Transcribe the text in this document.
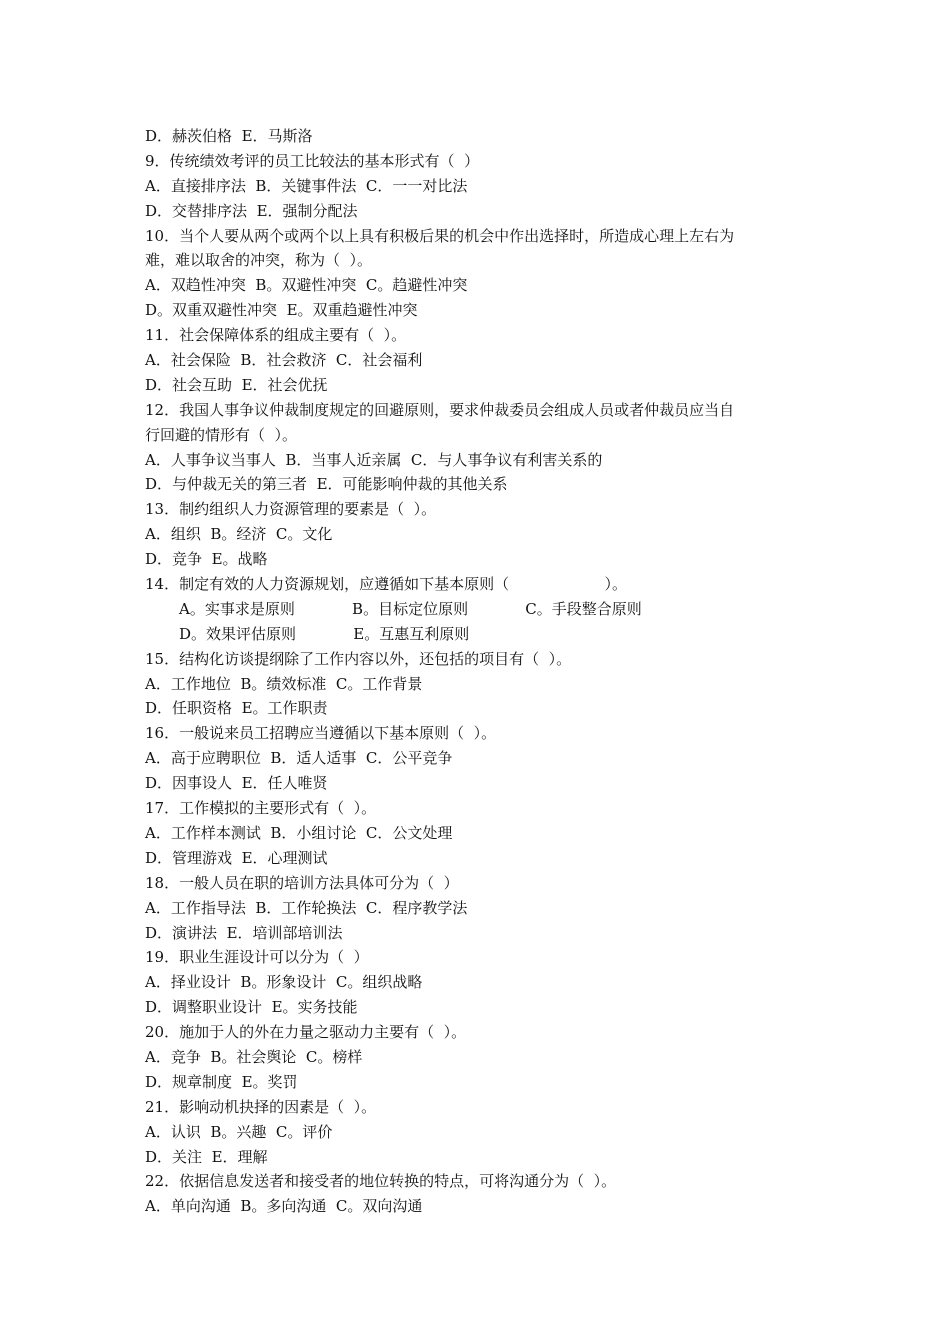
D．赫茨伯格  E．马斯洛
9．传统绩效考评的员工比较法的基本形式有（  ）
A．直接排序法  B．关键事件法  C．一一对比法
D．交替排序法  E．强制分配法
10．当个人要从两个或两个以上具有积极后果的机会中作出选择时，所造成心理上左右为
难，难以取舍的冲突，称为（  ）。
A．双趋性冲突  B。双避性冲突  C。趋避性冲突
D。双重双避性冲突  E。双重趋避性冲突
11．社会保障体系的组成主要有（  ）。
A．社会保险  B．社会救济  C．社会福利
D．社会互助  E．社会优抚
12．我国人事争议仲裁制度规定的回避原则，要求仲裁委员会组成人员或者仲裁员应当自
行回避的情形有（  ）。
A．人事争议当事人  B．当事人近亲属  C．与人事争议有利害关系的
D．与仲裁无关的第三者  E．可能影响仲裁的其他关系
13．制约组织人力资源管理的要素是（  ）。
A．组织  B。经济  C。文化
D．竞争  E。战略
14．制定有效的人力资源规划，应遵循如下基本原则（                    ）。
A。实事求是原则            B。目标定位原则            C。手段整合原则
D。效果评估原则            E。互惠互利原则
15．结构化访谈提纲除了工作内容以外，还包括的项目有（  ）。
A．工作地位  B。绩效标准  C。工作背景
D．任职资格  E。工作职责
16．一般说来员工招聘应当遵循以下基本原则（  ）。
A．高于应聘职位  B．适人适事  C．公平竞争
D．因事设人  E．任人唯贤
17．工作模拟的主要形式有（  ）。
A．工作样本测试  B．小组讨论  C．公文处理
D．管理游戏  E．心理测试
18．一般人员在职的培训方法具体可分为（  ）
A．工作指导法  B．工作轮换法  C．程序教学法
D．演讲法  E．培训部培训法
19．职业生涯设计可以分为（  ）
A．择业设计  B。形象设计  C。组织战略
D．调整职业设计  E。实务技能
20．施加于人的外在力量之驱动力主要有（  ）。
A．竞争  B。社会舆论  C。榜样
D．规章制度  E。奖罚
21．影响动机抉择的因素是（  ）。
A．认识  B。兴趣  C。评价
D．关注  E．理解
22．依据信息发送者和接受者的地位转换的特点，可将沟通分为（  ）。
A．单向沟通  B。多向沟通  C。双向沟通
